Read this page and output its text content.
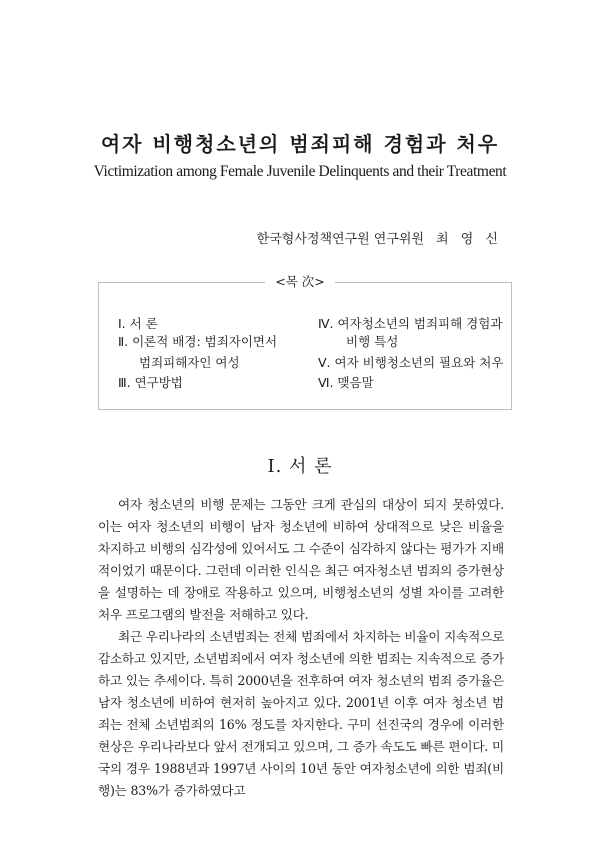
여자 비행청소년의 범죄피해 경험과 처우
Victimization among Female Juvenile Delinquents and their Treatment
한국형사정책연구원 연구위원 최 영 신
<목 次>
Ⅰ. 서 론
Ⅱ. 이론적 배경: 범죄자이면서
범죄피해자인 여성
Ⅲ. 연구방법
Ⅳ. 여자청소년의 범죄피해 경험과
비행 특성
Ⅴ. 여자 비행청소년의 필요와 처우
Ⅵ. 맺음말
Ⅰ. 서 론

여자 청소년의 비행 문제는 그동안 크게 관심의 대상이 되지 못하였다. 이는 여자 청소년의 비행이 남자 청소년에 비하여 상대적으로 낮은 비율을 차지하고 비행의 심각성에 있어서도 그 수준이 심각하지 않다는 평가가 지배적이었기 때문이다. 그런데 이러한 인식은 최근 여자청소년 범죄의 증가현상을 설명하는 데 장애로 작용하고 있으며, 비행청소년의 성별 차이를 고려한 처우 프로그램의 발전을 저해하고 있다.

최근 우리나라의 소년범죄는 전체 범죄에서 차지하는 비율이 지속적으로 감소하고 있지만, 소년범죄에서 여자 청소년에 의한 범죄는 지속적으로 증가하고 있는 추세이다. 특히 2000년을 전후하여 여자 청소년의 범죄 증가율은 남자 청소년에 비하여 현저히 높아지고 있다. 2001년 이후 여자 청소년 범죄는 전체 소년범죄의 16% 정도를 차지한다. 구미 선진국의 경우에 이러한 현상은 우리나라보다 앞서 전개되고 있으며, 그 증가 속도도 빠른 편이다. 미국의 경우 1988년과 1997년 사이의 10년 동안 여자청소년에 의한 범죄(비행)는 83%가 증가하였다고
